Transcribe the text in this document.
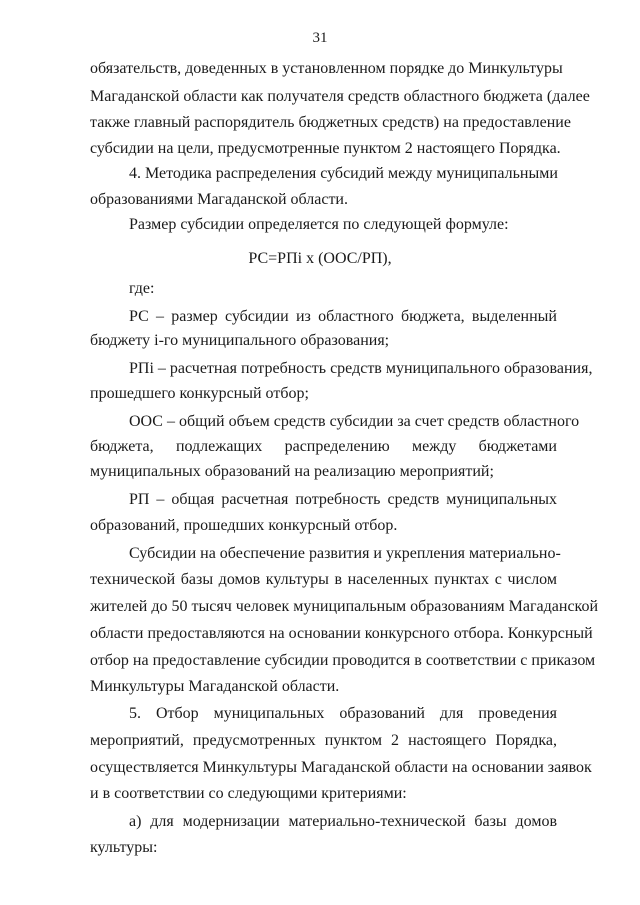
31
обязательств, доведенных в установленном порядке до Минкультуры
Магаданской области как получателя средств областного бюджета (далее
также главный распорядитель бюджетных средств) на предоставление
субсидии на цели, предусмотренные пунктом 2 настоящего Порядка.
4. Методика распределения субсидий между муниципальными
образованиями Магаданской области.
Размер субсидии определяется по следующей формуле:
РС=РПi х (ООС/РП),
где:
РС – размер субсидии из областного бюджета, выделенный
бюджету i-го муниципального образования;
РПi – расчетная потребность средств муниципального образования,
прошедшего конкурсный отбор;
ООС – общий объем средств субсидии за счет средств областного
бюджета, подлежащих распределению между бюджетами
муниципальных образований на реализацию мероприятий;
РП – общая расчетная потребность средств муниципальных
образований, прошедших конкурсный отбор.
Субсидии на обеспечение развития и укрепления материально-
технической базы домов культуры в населенных пунктах с числом
жителей до 50 тысяч человек муниципальным образованиям Магаданской
области предоставляются на основании конкурсного отбора. Конкурсный
отбор на предоставление субсидии проводится в соответствии с приказом
Минкультуры Магаданской области.
5. Отбор муниципальных образований для проведения
мероприятий, предусмотренных пунктом 2 настоящего Порядка,
осуществляется Минкультуры Магаданской области на основании заявок
и в соответствии со следующими критериями:
а) для модернизации материально-технической базы домов
культуры:
